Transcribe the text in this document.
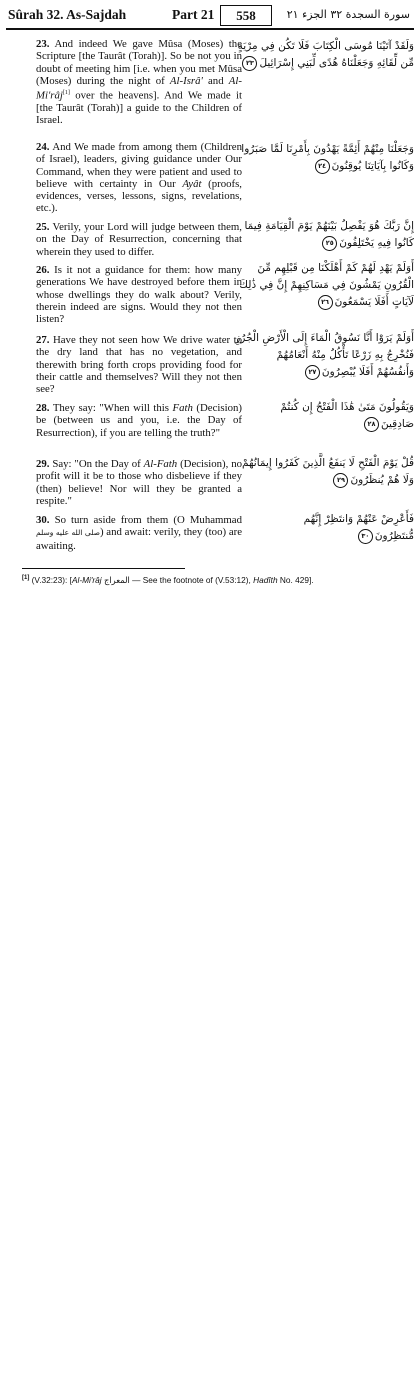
Sûrah 32. As-Sajdah	Part 21	558	سورة السجدة ٣٢ الجزء ٢١
23. And indeed We gave Mûsa (Moses) the Scripture [the Taurât (Torah)]. So be not you in doubt of meeting him [i.e. when you met Mûsa (Moses) during the night of Al-Isrâ' and Al-Mi'râj[1] over the heavens]. And We made it [the Taurât (Torah)] a guide to the Children of Israel.
وَلَقَدْ آتَيْنَا مُوسَى الْكِتَابَ فَلَا تَكُن فِي مِرْيَةٍ
مِّن لِّقَائِهِ وَجَعَلْنَاهُ هُدًى لِّبَنِي إِسْرَائِيلَ٢٣
24. And We made from among them (Children of Israel), leaders, giving guidance under Our Command, when they were patient and used to believe with certainty in Our Ayât (proofs, evidences, verses, lessons, signs, revelations, etc.).
وَجَعَلْنَا مِنْهُمْ أَئِمَّةً يَهْدُونَ بِأَمْرِنَا لَمَّا صَبَرُوا
وَكَانُوا بِآيَاتِنَا يُوقِنُونَ٢٤
25. Verily, your Lord will judge between them, on the Day of Resurrection, concerning that wherein they used to differ.
إِنَّ رَبَّكَ هُوَ يَفْصِلُ بَيْنَهُمْ يَوْمَ الْقِيَامَةِ فِيمَا
كَانُوا فِيهِ يَخْتَلِفُونَ٢٥
26. Is it not a guidance for them: how many generations We have destroyed before them in whose dwellings they do walk about? Verily, therein indeed are signs. Would they not then listen?
أَوَلَمْ يَهْدِ لَهُمْ كَمْ أَهْلَكْنَا مِن قَبْلِهِم مِّنَ
الْقُرُونِ يَمْشُونَ فِي مَسَاكِنِهِمْ إِنَّ فِي ذَٰلِكَ
لَآيَاتٍ أَفَلَا يَسْمَعُونَ٢٦
27. Have they not seen how We drive water to the dry land that has no vegetation, and therewith bring forth crops providing food for their cattle and themselves? Will they not then see?
أَوَلَمْ يَرَوْا أَنَّا نَسُوقُ الْمَاءَ إِلَى الْأَرْضِ الْجُرُزِ
فَنُخْرِجُ بِهِ زَرْعًا تَأْكُلُ مِنْهُ أَنْعَامُهُمْ
وَأَنفُسُهُمْ أَفَلَا يُبْصِرُونَ٢٧
28. They say: "When will this Fath (Decision) be (between us and you, i.e. the Day of Resurrection), if you are telling the truth?"
وَيَقُولُونَ مَتَىٰ هَٰذَا الْفَتْحُ إِن كُنتُمْ
صَادِقِينَ٢٨
29. Say: "On the Day of Al-Fath (Decision), no profit will it be to those who disbelieve if they (then) believe! Nor will they be granted a respite."
قُلْ يَوْمَ الْفَتْحِ لَا يَنفَعُ الَّذِينَ كَفَرُوا إِيمَانُهُمْ
وَلَا هُمْ يُنظَرُونَ٢٩
30. So turn aside from them (O Muhammad صلى الله عليه وسلم) and await: verily, they (too) are awaiting.
فَأَعْرِضْ عَنْهُمْ وَانتَظِرْ إِنَّهُم
مُّنتَظِرُونَ٣٠
[1] (V.32:23): [Al-Mi'râj المعراج — See the footnote of (V.53:12), Hadîth No. 429].
